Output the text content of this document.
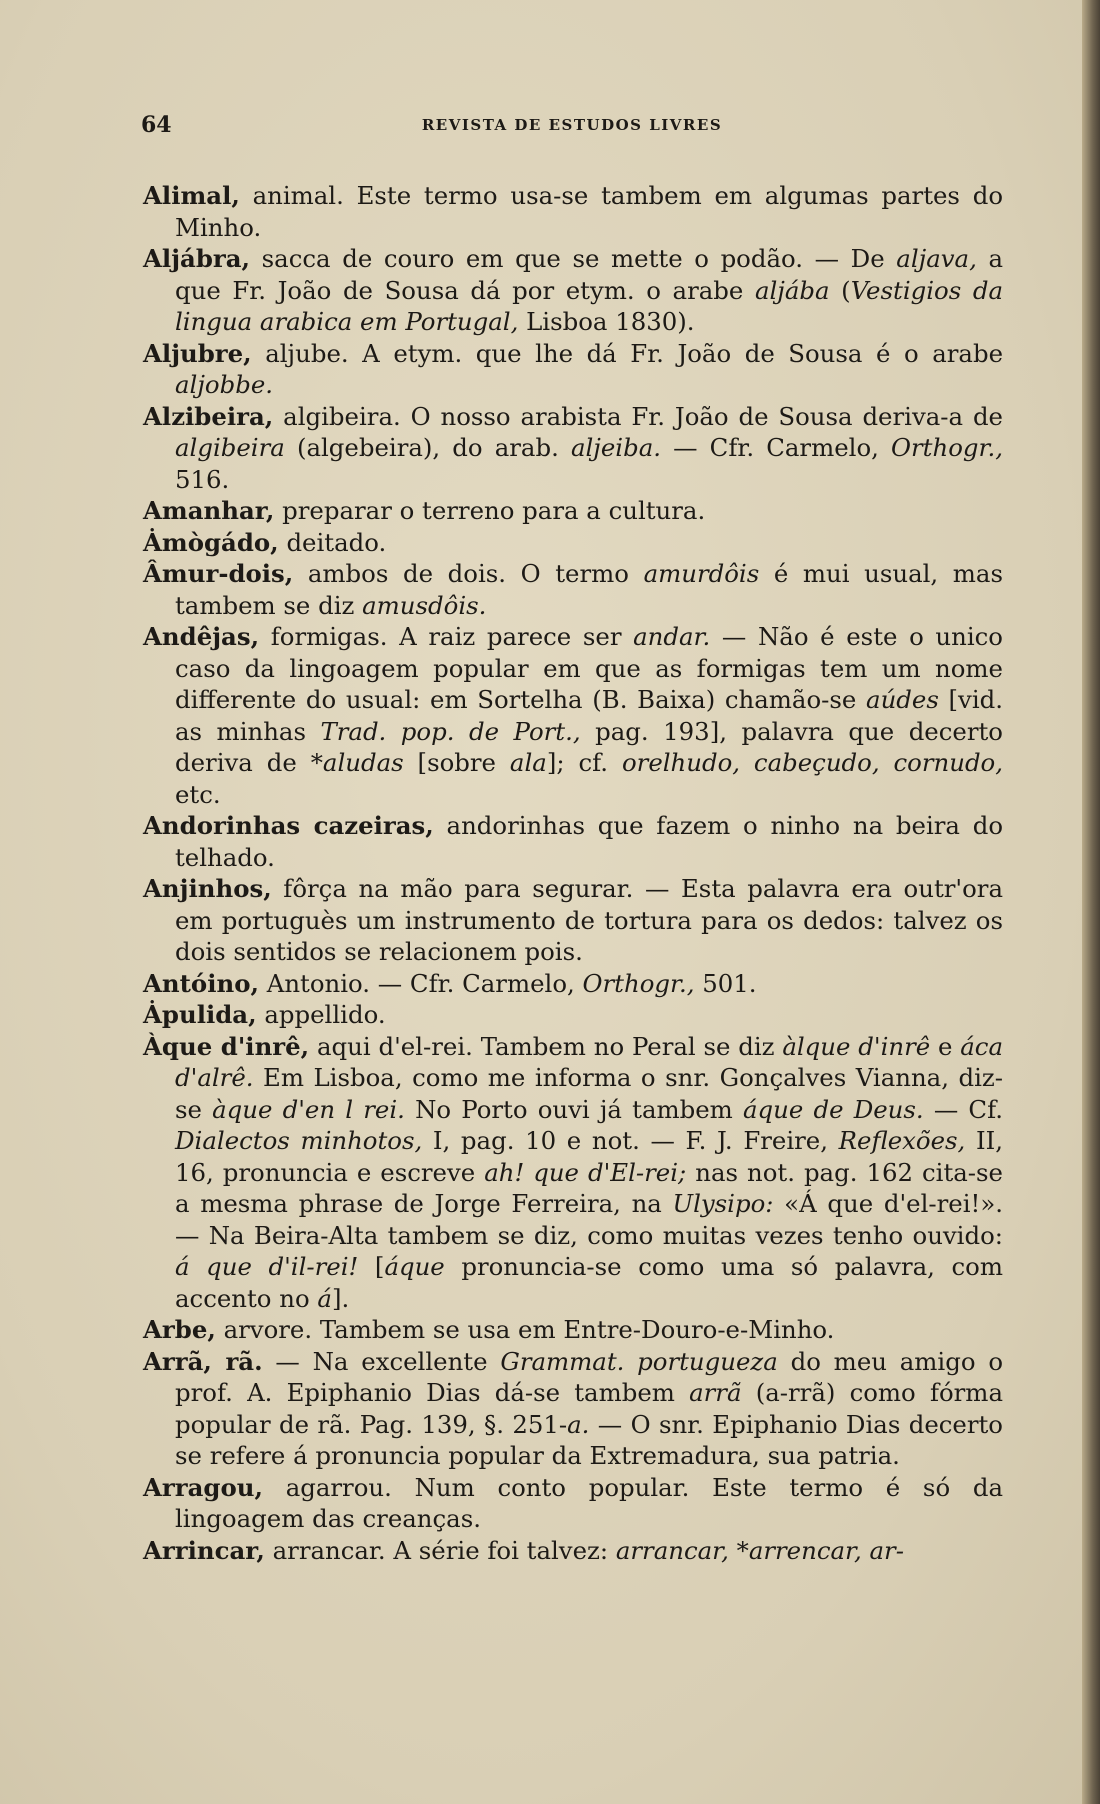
64	REVISTA DE ESTUDOS LIVRES
Alimal, animal. Este termo usa-se tambem em algumas partes do Minho.
Aljábra, sacca de couro em que se mette o podão. — De aljava, a que Fr. João de Sousa dá por etym. o arabe aljába (Vestigios da lingua arabica em Portugal, Lisboa 1830).
Aljubre, aljube. A etym. que lhe dá Fr. João de Sousa é o arabe aljobbe.
Alzibeira, algibeira. O nosso arabista Fr. João de Sousa deriva-a de algibeira (algebeira), do arab. aljeiba. — Cfr. Carmelo, Orthogr., 516.
Amanhar, preparar o terreno para a cultura.
Ȧmògádo, deitado.
Âmur-dois, ambos de dois. O termo amurdôis é mui usual, mas tambem se diz amusdôis.
Andêjas, formigas. A raiz parece ser andar. — Não é este o unico caso da lingoagem popular em que as formigas tem um nome differente do usual: em Sortelha (B. Baixa) chamão-se aúdes [vid. as minhas Trad. pop. de Port., pag. 193], palavra que decerto deriva de *aludas [sobre ala]; cf. orelhudo, cabeçudo, cornudo, etc.
Andorinhas cazeiras, andorinhas que fazem o ninho na beira do telhado.
Anjinhos, fôrça na mão para segurar. — Esta palavra era outr'ora em portuguès um instrumento de tortura para os dedos: talvez os dois sentidos se relacionem pois.
Antóino, Antonio. — Cfr. Carmelo, Orthogr., 501.
Ȧpulida, appellido.
Àque d'inrê, aqui d'el-rei. Tambem no Peral se diz àlque d'inrê e áca d'alrê. Em Lisboa, como me informa o snr. Gonçalves Vianna, diz-se àque d'en l rei. No Porto ouvi já tambem áque de Deus. — Cf. Dialectos minhotos, I, pag. 10 e not. — F. J. Freire, Reflexões, II, 16, pronuncia e escreve ah! que d'El-rei; nas not. pag. 162 cita-se a mesma phrase de Jorge Ferreira, na Ulysipo: «Á que d'el-rei!». — Na Beira-Alta tambem se diz, como muitas vezes tenho ouvido: á que d'il-rei! [áque pronuncia-se como uma só palavra, com accento no á].
Arbe, arvore. Tambem se usa em Entre-Douro-e-Minho.
Arrã, rã. — Na excellente Grammat. portugueza do meu amigo o prof. A. Epiphanio Dias dá-se tambem arrã (a-rrã) como fórma popular de rã. Pag. 139, §. 251-a. — O snr. Epiphanio Dias decerto se refere á pronuncia popular da Extremadura, sua patria.
Arragou, agarrou. Num conto popular. Este termo é só da lingoagem das creanças.
Arrincar, arrancar. A série foi talvez: arrancar, *arrencar, ar-
